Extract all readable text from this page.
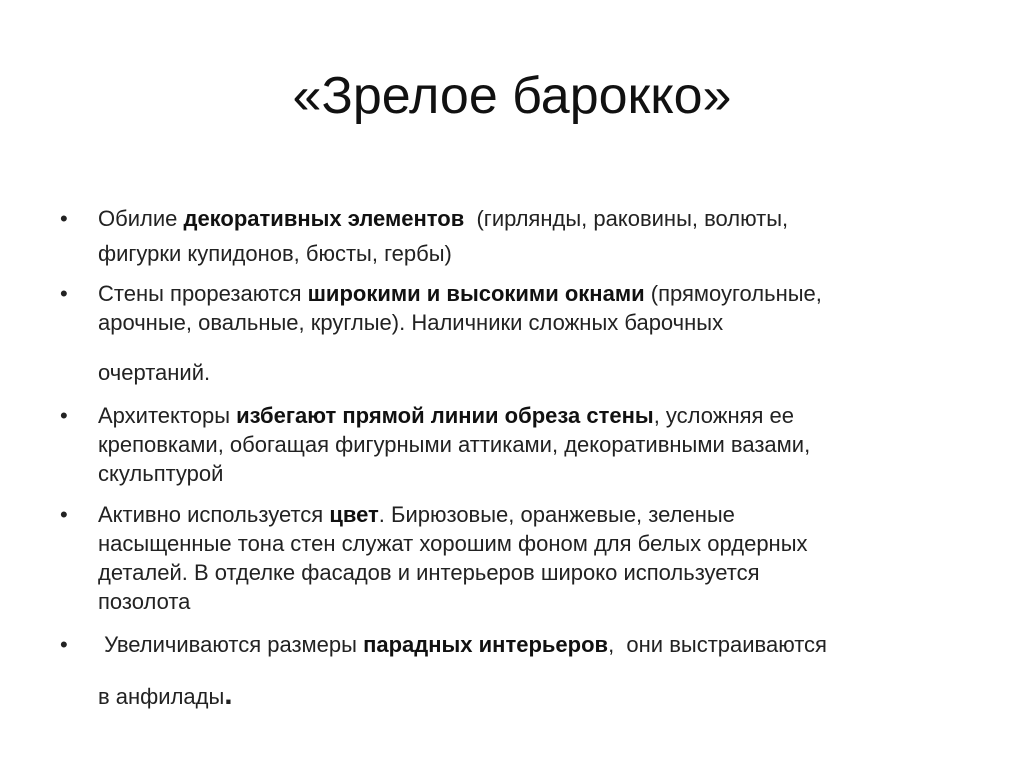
«Зрелое барокко»
• Обилие декоративных элементов  (гирлянды, раковины, волюты,
фигурки купидонов, бюсты, гербы)
• Стены прорезаются широкими и высокими окнами (прямоугольные,
арочные, овальные, круглые). Наличники сложных барочных
очертаний.
• Архитекторы избегают прямой линии обреза стены, усложняя ее
креповками, обогащая фигурными аттиками, декоративными вазами,
скульптурой
• Активно используется цвет. Бирюзовые, оранжевые, зеленые
насыщенные тона стен служат хорошим фоном для белых ордерных
деталей. В отделке фасадов и интерьеров широко используется
позолота
• Увеличиваются размеры парадных интерьеров,  они выстраиваются
в анфилады.
